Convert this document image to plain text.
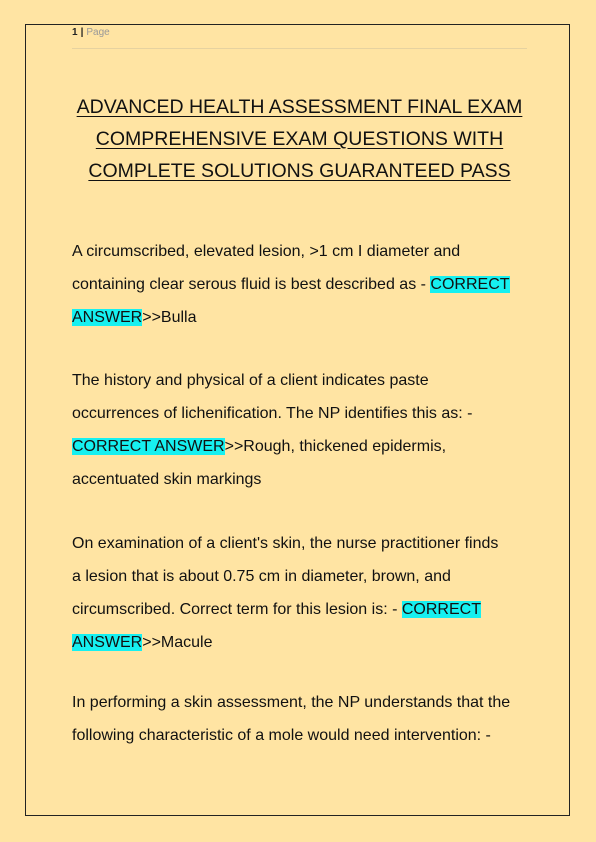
1 | Page
ADVANCED HEALTH ASSESSMENT FINAL EXAM
COMPREHENSIVE EXAM QUESTIONS WITH
COMPLETE SOLUTIONS GUARANTEED PASS
A circumscribed, elevated lesion, >1 cm I diameter and
containing clear serous fluid is best described as - CORRECT
ANSWER>>Bulla
The history and physical of a client indicates paste
occurrences of lichenification. The NP identifies this as: -
CORRECT ANSWER>>Rough, thickened epidermis,
accentuated skin markings
On examination of a client's skin, the nurse practitioner finds
a lesion that is about 0.75 cm in diameter, brown, and
circumscribed. Correct term for this lesion is: - CORRECT
ANSWER>>Macule
In performing a skin assessment, the NP understands that the
following characteristic of a mole would need intervention: -
